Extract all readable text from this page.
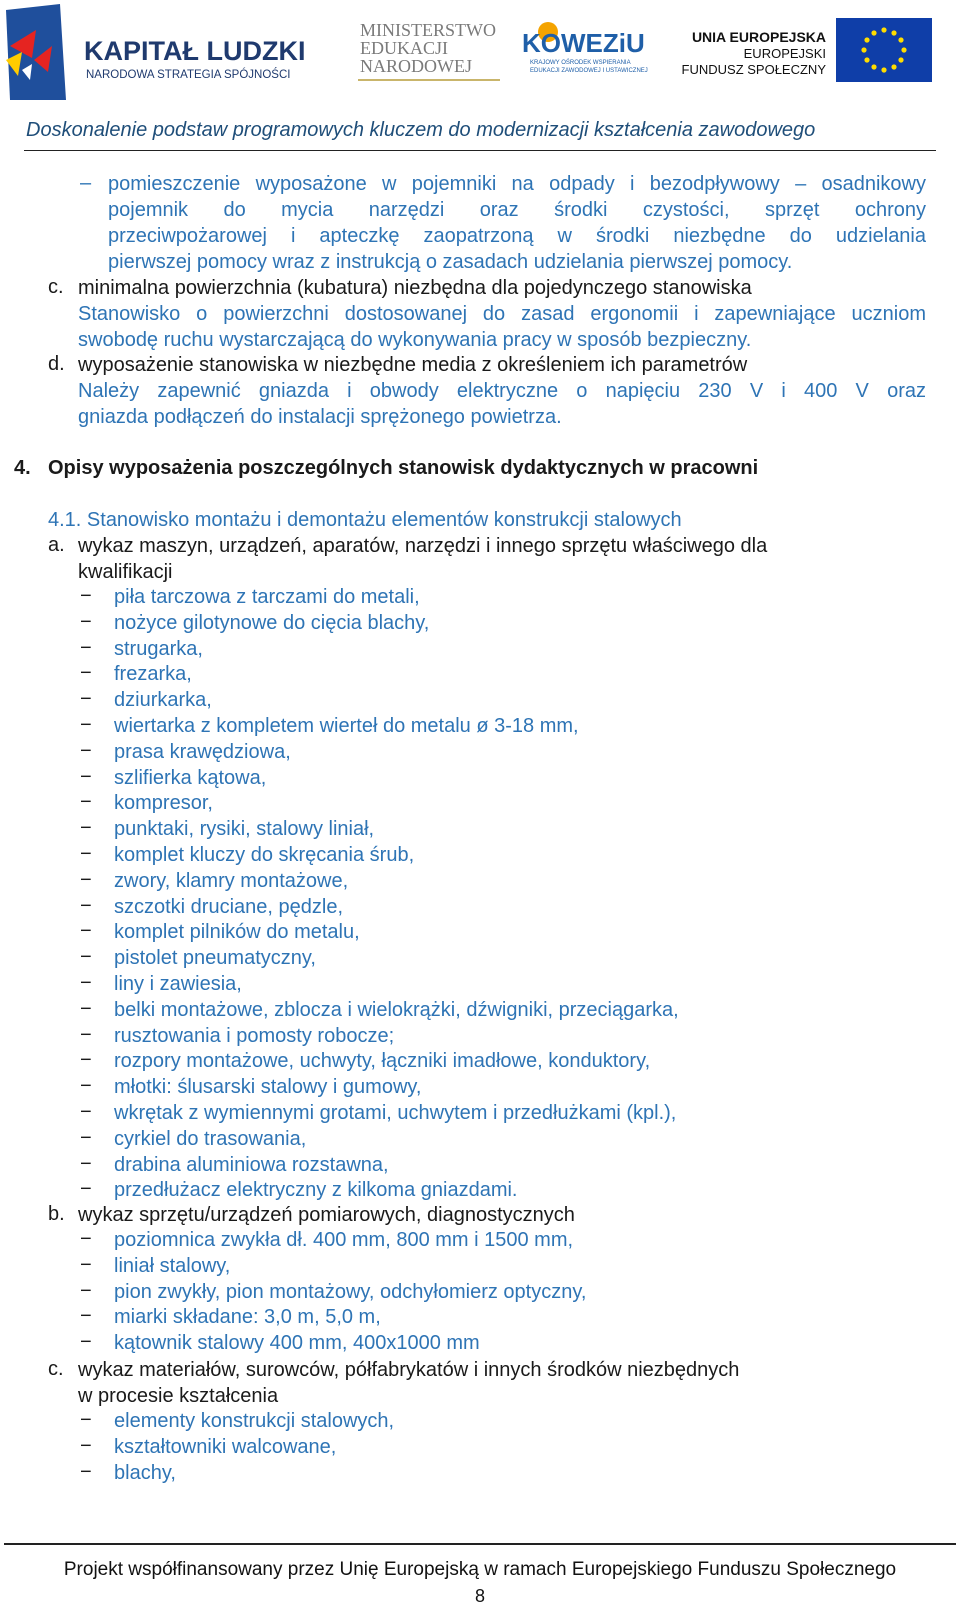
KAPITAŁ LUDZKI
NARODOWA STRATEGIA SPÓJNOŚCI
MINISTERSTWO
EDUKACJI
NARODOWEJ
KOWEZiU
KRAJOWY OŚRODEK WSPIERANIA
EDUKACJI ZAWODOWEJ I USTAWICZNEJ
UNIA EUROPEJSKA
EUROPEJSKI
FUNDUSZ SPOŁECZNY
Doskonalenie podstaw programowych kluczem do modernizacji kształcenia zawodowego
– pomieszczenie wyposażone w pojemniki na odpady i bezodpływowy – osadnikowy
pojemnik do mycia narzędzi oraz środki czystości, sprzęt ochrony
przeciwpożarowej i apteczkę zaopatrzoną w środki niezbędne do udzielania
pierwszej pomocy wraz z instrukcją o zasadach udzielania pierwszej pomocy.
c. minimalna powierzchnia (kubatura) niezbędna dla pojedynczego stanowiska
Stanowisko o powierzchni dostosowanej do zasad ergonomii i zapewniające uczniom
swobodę ruchu wystarczającą do wykonywania pracy w sposób bezpieczny.
d. wyposażenie stanowiska w niezbędne media z określeniem ich parametrów
Należy zapewnić gniazda i obwody elektryczne o napięciu 230 V i 400 V oraz
gniazda podłączeń do instalacji sprężonego powietrza.
4. Opisy wyposażenia poszczególnych stanowisk dydaktycznych w pracowni
4.1. Stanowisko montażu i demontażu elementów konstrukcji stalowych
a. wykaz maszyn, urządzeń, aparatów, narzędzi i innego sprzętu właściwego dla
kwalifikacji
− piła tarczowa z tarczami do metali,
− nożyce gilotynowe do cięcia blachy,
− strugarka,
− frezarka,
− dziurkarka,
− wiertarka z kompletem wierteł do metalu ø 3-18 mm,
− prasa krawędziowa,
− szlifierka kątowa,
− kompresor,
− punktaki, rysiki, stalowy liniał,
− komplet kluczy do skręcania śrub,
− zwory, klamry montażowe,
− szczotki druciane, pędzle,
− komplet pilników do metalu,
− pistolet pneumatyczny,
− liny i zawiesia,
− belki montażowe, zblocza i wielokrążki, dźwigniki, przeciągarka,
− rusztowania i pomosty robocze;
− rozpory montażowe, uchwyty, łączniki imadłowe, konduktory,
− młotki: ślusarski stalowy i gumowy,
− wkrętak z wymiennymi grotami, uchwytem i przedłużkami (kpl.),
− cyrkiel do trasowania,
− drabina aluminiowa rozstawna,
− przedłużacz elektryczny z kilkoma gniazdami.
b. wykaz sprzętu/urządzeń pomiarowych, diagnostycznych
− poziomnica zwykła dł. 400 mm, 800 mm i 1500 mm,
− liniał stalowy,
− pion zwykły, pion montażowy, odchyłomierz optyczny,
− miarki składane: 3,0 m, 5,0 m,
− kątownik stalowy 400 mm, 400x1000 mm
c. wykaz materiałów, surowców, półfabrykatów i innych środków niezbędnych
w procesie kształcenia
− elementy konstrukcji stalowych,
− kształtowniki walcowane,
− blachy,
Projekt współfinansowany przez Unię Europejską w ramach Europejskiego Funduszu Społecznego
8
